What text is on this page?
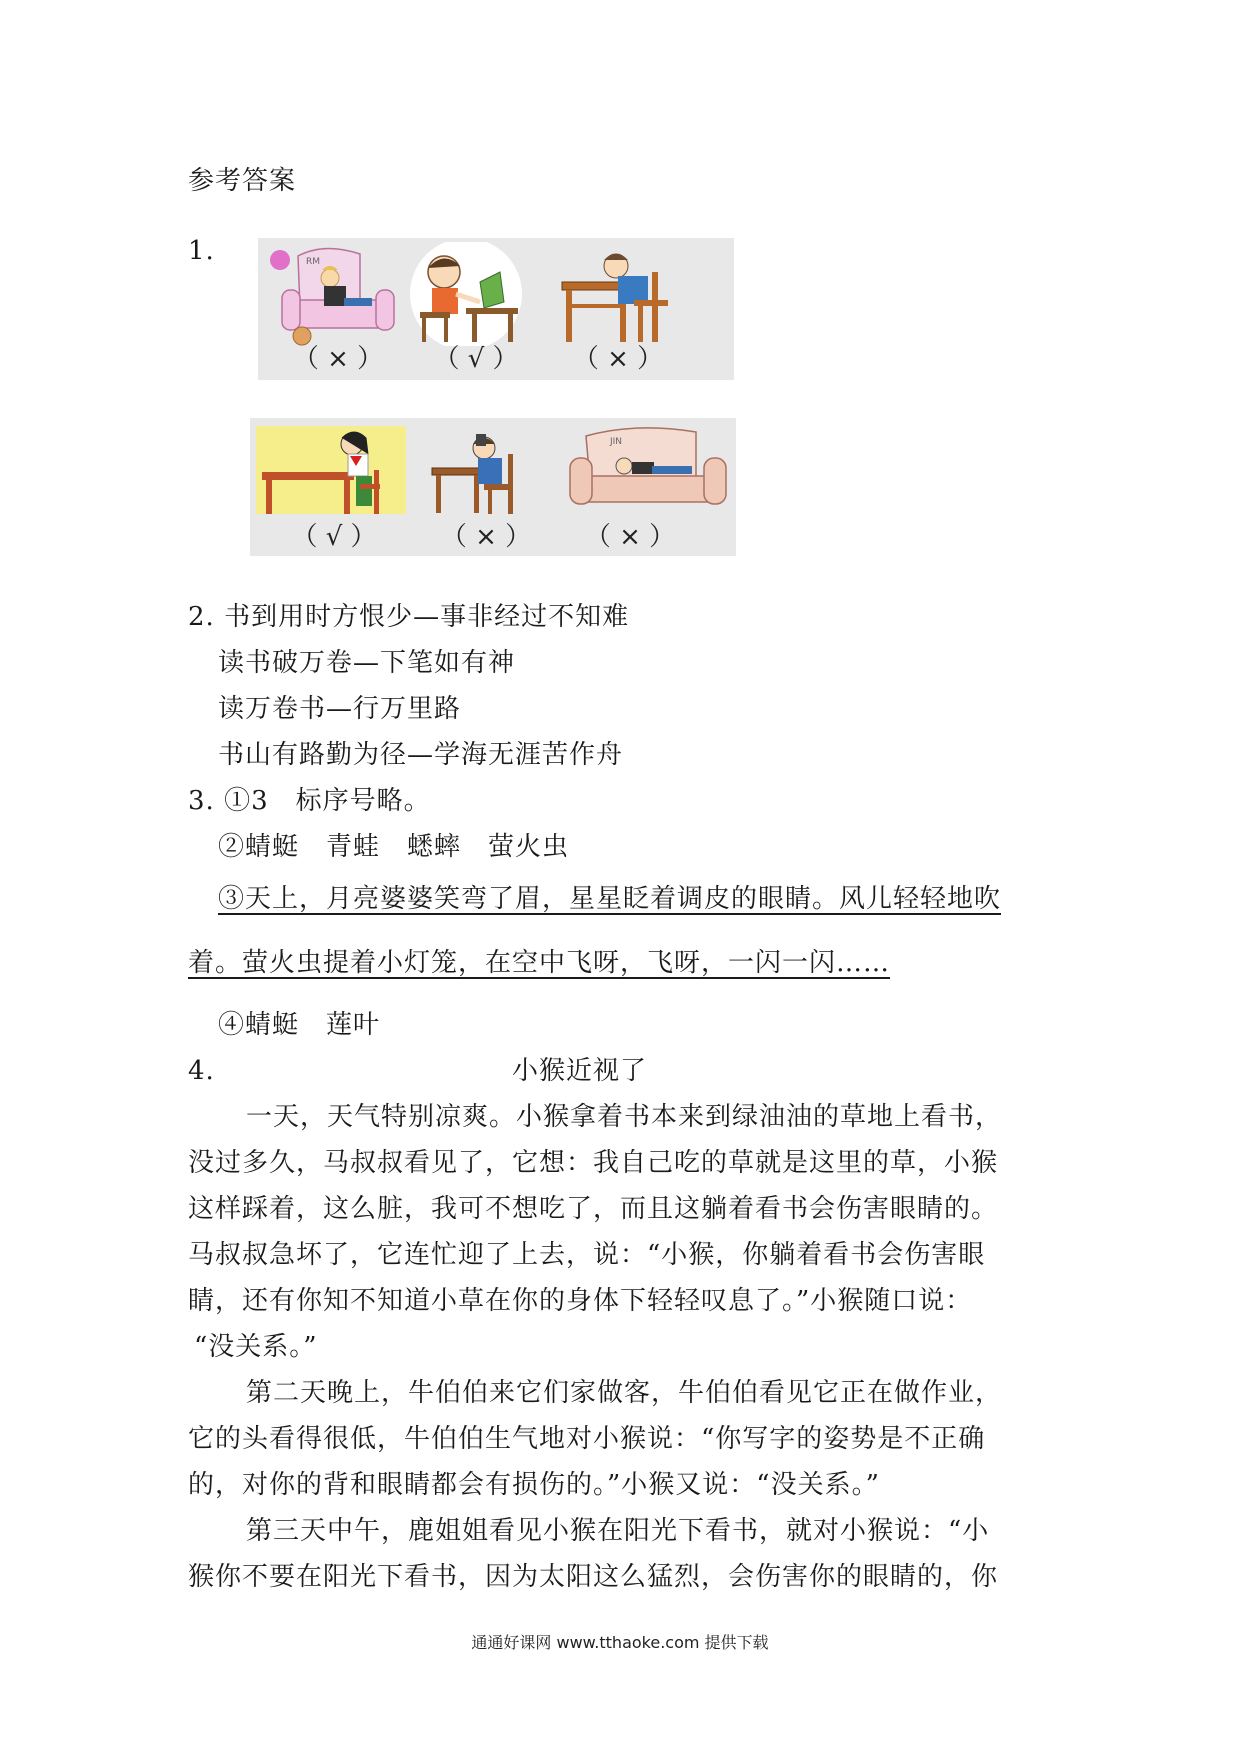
参考答案
1.	RM
（ × ）	（ √ ）	（ × ）
JIN
（ √ ）	（ × ）	（ × ）
2. 书到用时方恨少—事非经过不知难
读书破万卷—下笔如有神
读万卷书—行万里路
书山有路勤为径—学海无涯苦作舟
3. ①3　标序号略。
②蜻蜓　青蛙　蟋蟀　萤火虫
③天上，月亮婆婆笑弯了眉，星星眨着调皮的眼睛。风儿轻轻地吹
着。萤火虫提着小灯笼，在空中飞呀，飞呀，一闪一闪……
④蜻蜓　莲叶
4.	小猴近视了
一天，天气特别凉爽。小猴拿着书本来到绿油油的草地上看书，
没过多久，马叔叔看见了，它想：我自己吃的草就是这里的草，小猴
这样踩着，这么脏，我可不想吃了，而且这躺着看书会伤害眼睛的。
马叔叔急坏了，它连忙迎了上去，说：“小猴，你躺着看书会伤害眼
睛，还有你知不知道小草在你的身体下轻轻叹息了。”小猴随口说：
“没关系。”
第二天晚上，牛伯伯来它们家做客，牛伯伯看见它正在做作业，
它的头看得很低，牛伯伯生气地对小猴说：“你写字的姿势是不正确
的，对你的背和眼睛都会有损伤的。”小猴又说：“没关系。”
第三天中午，鹿姐姐看见小猴在阳光下看书，就对小猴说：“小
猴你不要在阳光下看书，因为太阳这么猛烈，会伤害你的眼睛的，你
通通好课网 www.tthaoke.com 提供下载
